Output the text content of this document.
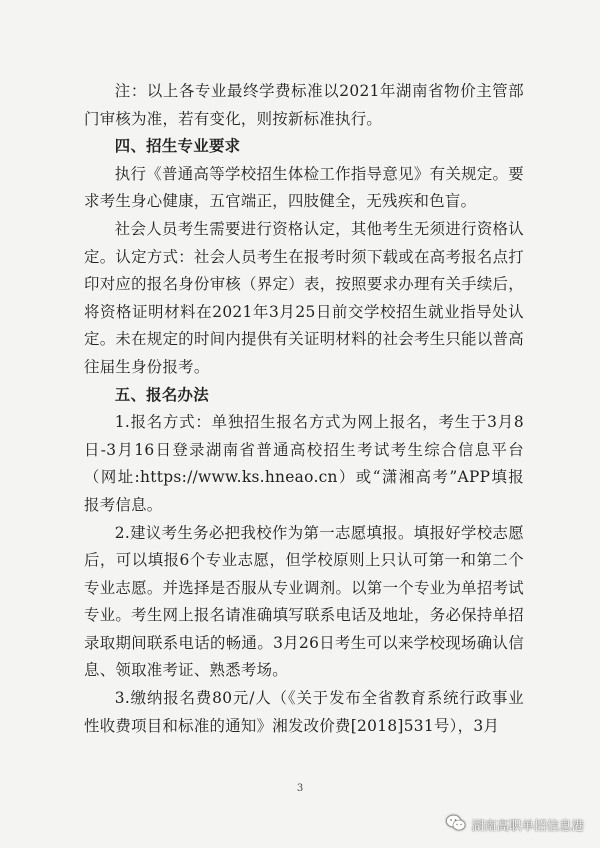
注：以上各专业最终学费标准以2021年湖南省物价主管部门审核为准，若有变化，则按新标准执行。

四、招生专业要求

执行《普通高等学校招生体检工作指导意见》有关规定。要求考生身心健康，五官端正，四肢健全，无残疾和色盲。

社会人员考生需要进行资格认定，其他考生无须进行资格认定。认定方式：社会人员考生在报考时须下载或在高考报名点打印对应的报名身份审核（界定）表，按照要求办理有关手续后，将资格证明材料在2021年3月25日前交学校招生就业指导处认定。未在规定的时间内提供有关证明材料的社会考生只能以普高往届生身份报考。

五、报名办法

1.报名方式：单独招生报名方式为网上报名，考生于3月8日-3月16日登录湖南省普通高校招生考试考生综合信息平台（网址:https://www.ks.hneao.cn）或“潇湘高考”APP填报报考信息。

2.建议考生务必把我校作为第一志愿填报。填报好学校志愿后，可以填报6个专业志愿，但学校原则上只认可第一和第二个专业志愿。并选择是否服从专业调剂。以第一个专业为单招考试专业。考生网上报名请准确填写联系电话及地址，务必保持单招录取期间联系电话的畅通。3月26日考生可以来学校现场确认信息、领取准考证、熟悉考场。

3.缴纳报名费80元/人（《关于发布全省教育系统行政事业性收费项目和标准的通知》湘发改价费[2018]531号），3月

3
湖南高职单招信息港
